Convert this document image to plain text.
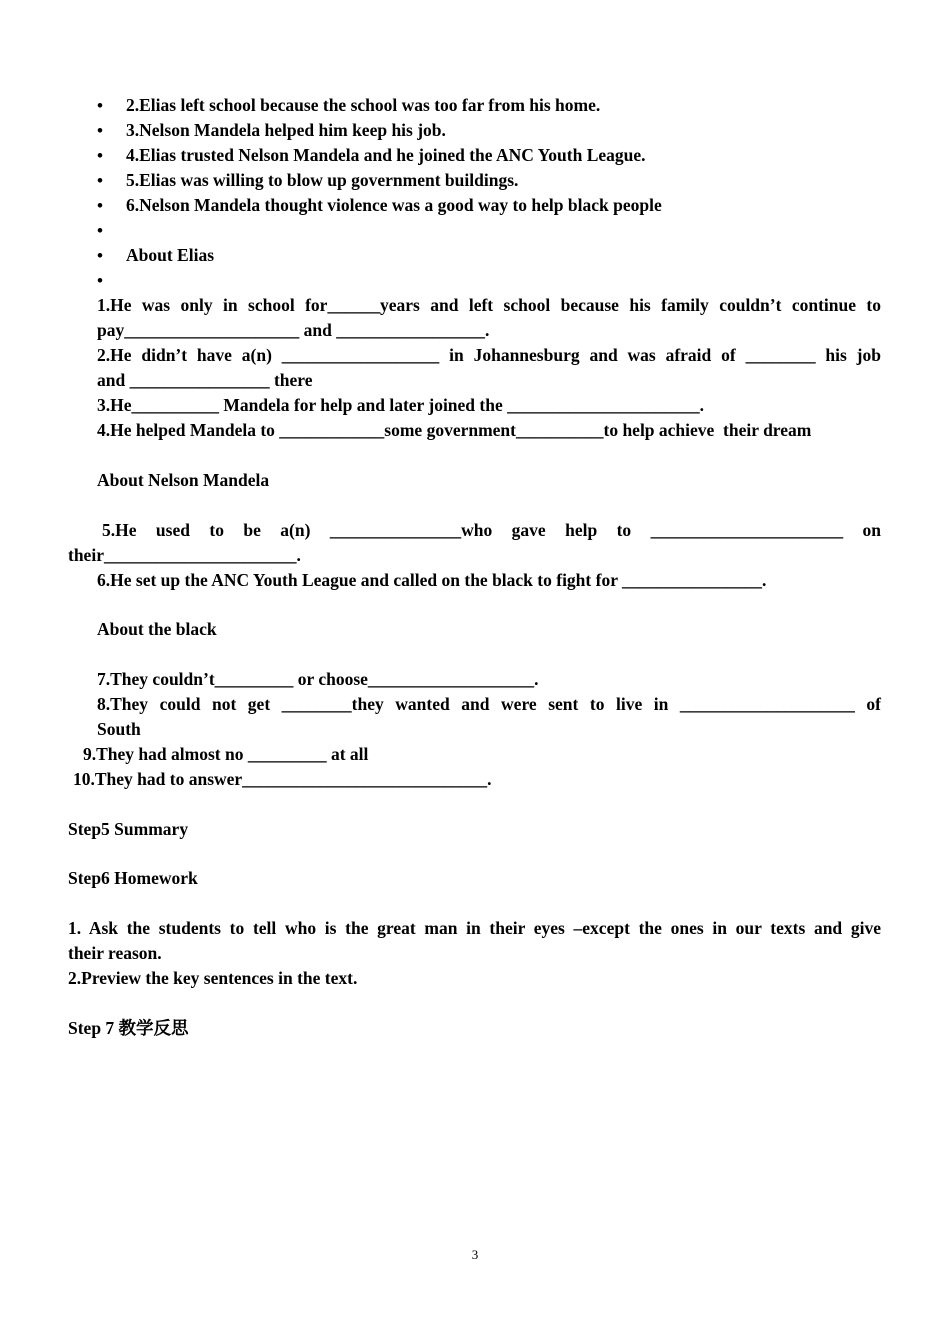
• 2.Elias left school because the school was too far from his home.
• 3.Nelson Mandela helped him keep his job.
• 4.Elias trusted Nelson Mandela and he joined the ANC Youth League.
• 5.Elias was willing to blow up government buildings.
• 6.Nelson Mandela thought violence was a good way to help black people
•
• About Elias
•
1.He was only in school for______years and left school because his family couldn’t continue to
pay____________________ and _________________.
2.He didn’t have a(n) __________________ in Johannesburg and was afraid of ________ his job
and ________________ there
3.He__________ Mandela for help and later joined the ______________________.
4.He helped Mandela to ____________some government__________to help achieve  their dream
About Nelson Mandela
5.He used to be a(n) _______________who gave help to ______________________ on
their______________________.
6.He set up the ANC Youth League and called on the black to fight for ________________.
About the black
7.They couldn’t_________ or choose___________________.
8.They could not get ________they wanted and were sent to live in ____________________ of
South
9.They had almost no _________ at all
10.They had to answer____________________________.
Step5 Summary
Step6 Homework
1. Ask the students to tell who is the great man in their eyes –except the ones in our texts and give
their reason.
2.Preview the key sentences in the text.
Step 7 教学反思
3
